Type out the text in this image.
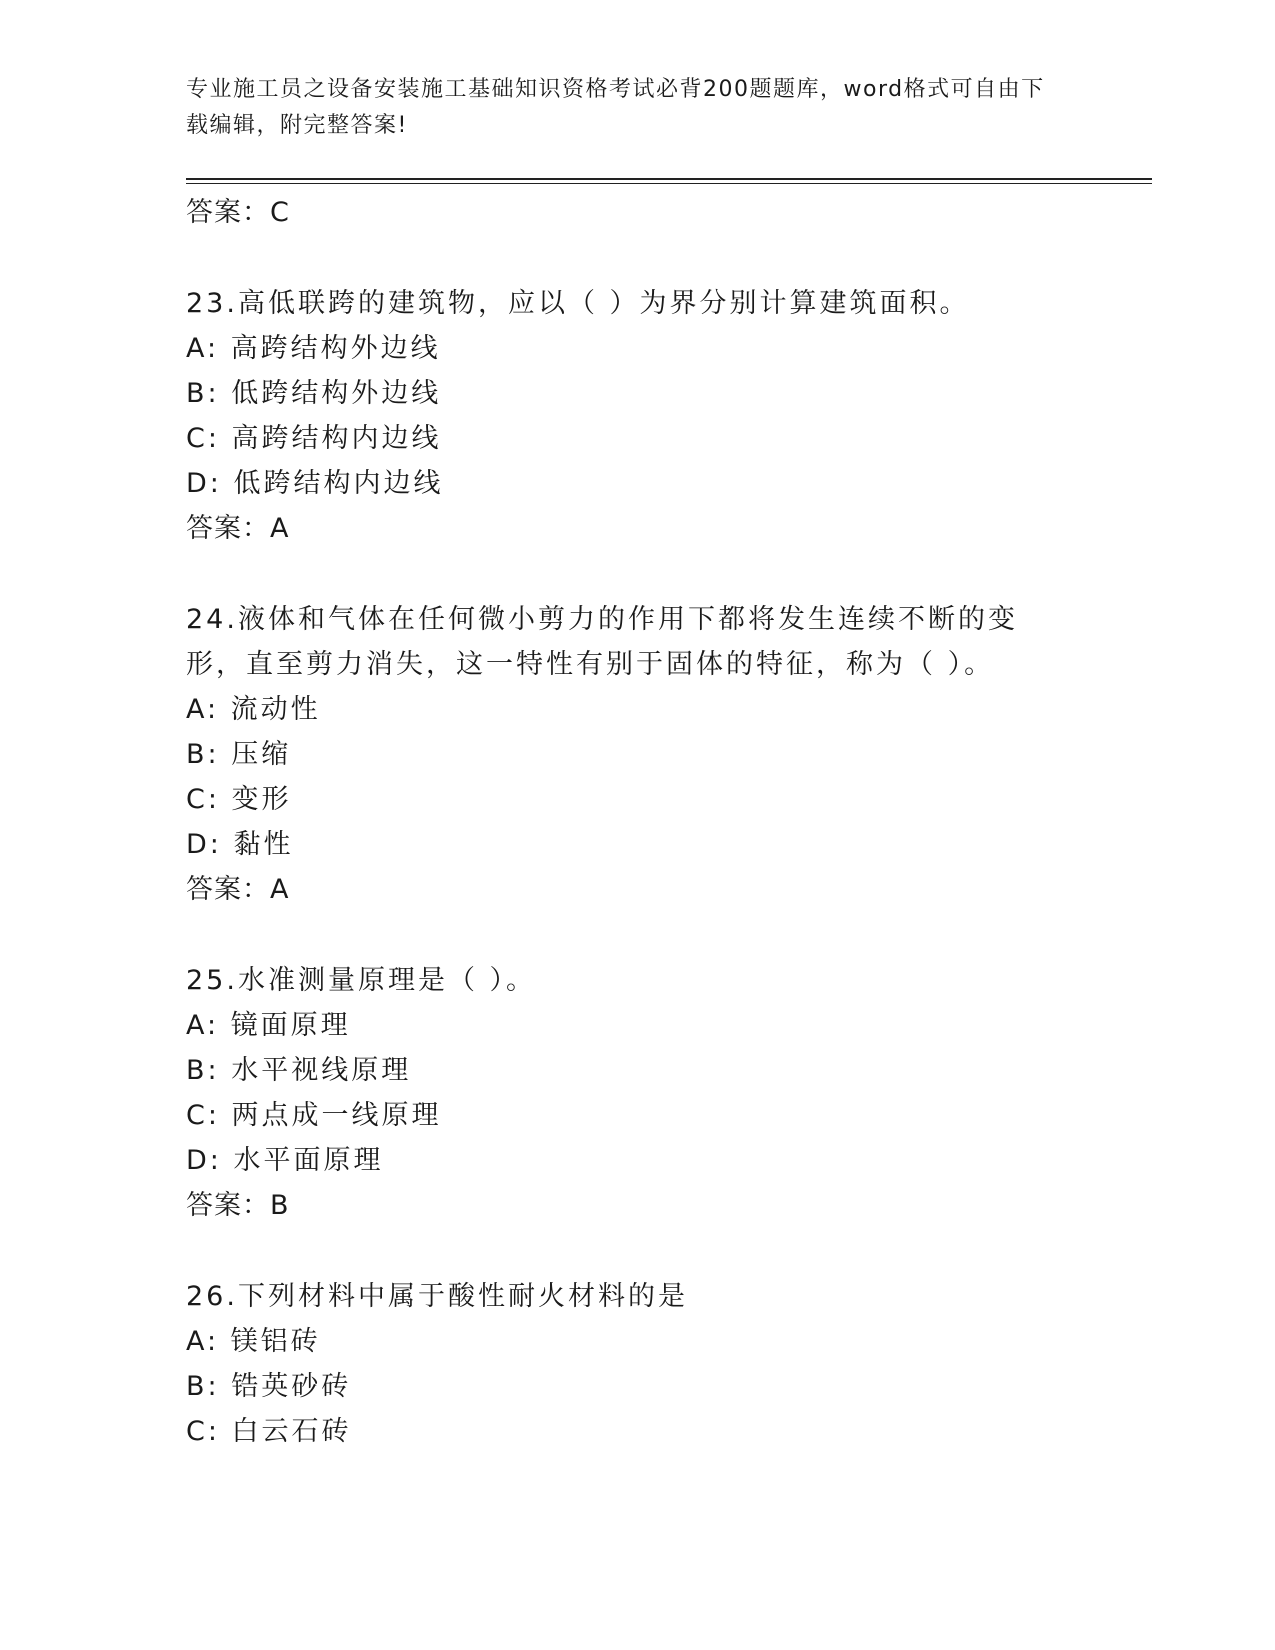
专业施工员之设备安装施工基础知识资格考试必背200题题库，word格式可自由下载编辑，附完整答案!
答案：C
23.高低联跨的建筑物，应以（ ）为界分别计算建筑面积。
A: 高跨结构外边线
B: 低跨结构外边线
C: 高跨结构内边线
D: 低跨结构内边线
答案：A
24.液体和气体在任何微小剪力的作用下都将发生连续不断的变形，直至剪力消失，这一特性有别于固体的特征，称为（ ）。
A: 流动性
B: 压缩
C: 变形
D: 黏性
答案：A
25.水准测量原理是（ ）。
A: 镜面原理
B: 水平视线原理
C: 两点成一线原理
D: 水平面原理
答案：B
26.下列材料中属于酸性耐火材料的是
A: 镁铝砖
B: 锆英砂砖
C: 白云石砖
